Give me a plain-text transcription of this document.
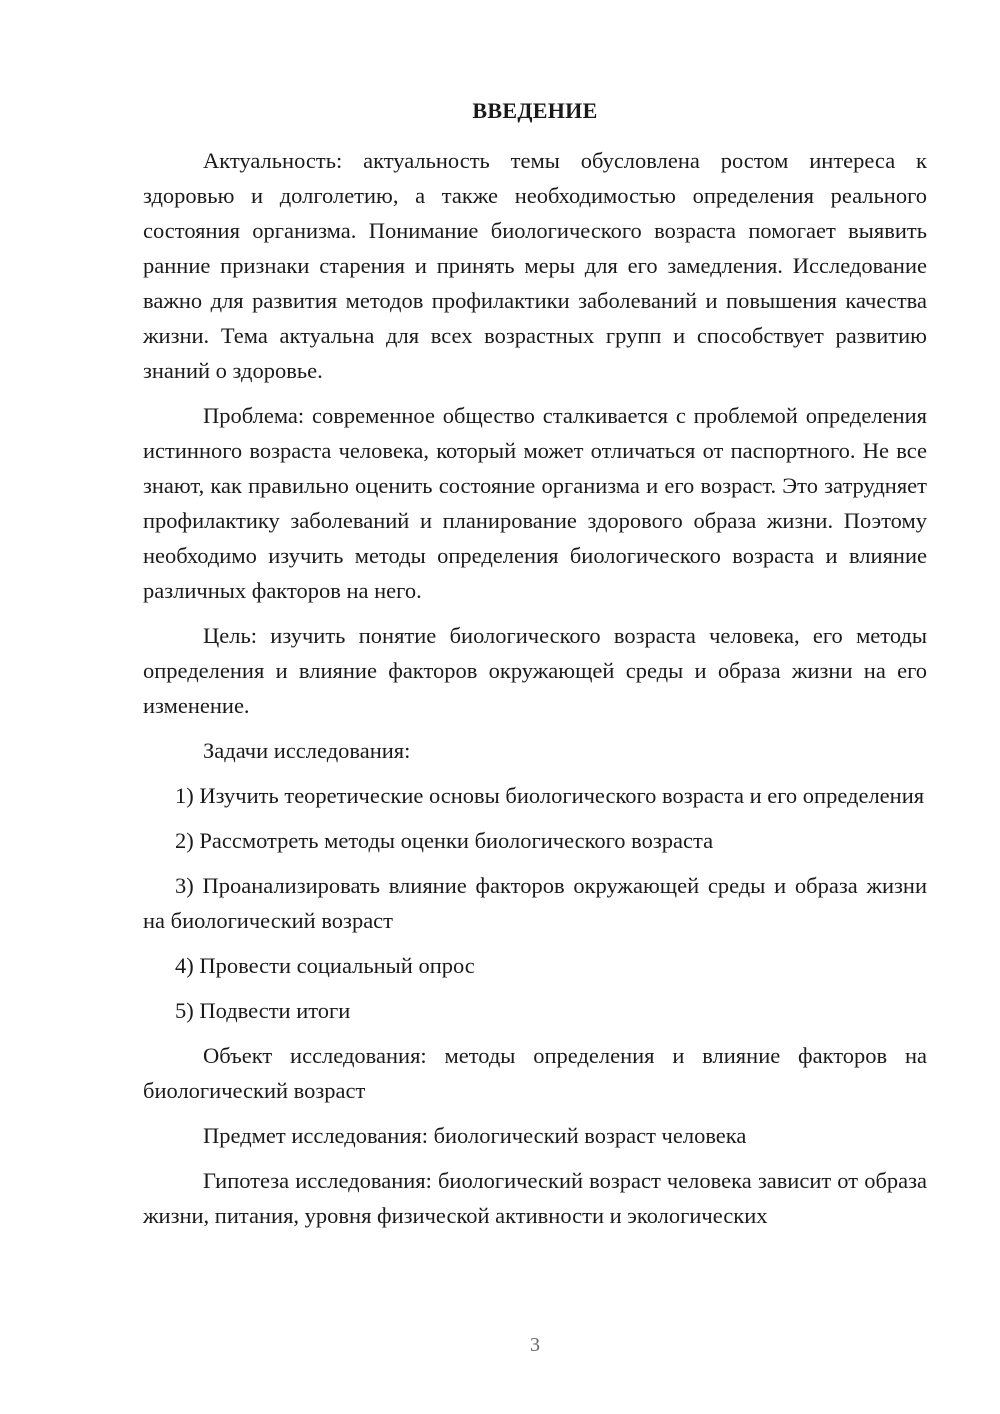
ВВЕДЕНИЕ

Актуальность: актуальность темы обусловлена ростом интереса к здоровью и долголетию, а также необходимостью определения реального состояния организма. Понимание биологического возраста помогает выявить ранние признаки старения и принять меры для его замедления. Исследование важно для развития методов профилактики заболеваний и повышения качества жизни. Тема актуальна для всех возрастных групп и способствует развитию знаний о здоровье.

Проблема: современное общество сталкивается с проблемой определения истинного возраста человека, который может отличаться от паспортного. Не все знают, как правильно оценить состояние организма и его возраст. Это затрудняет профилактику заболеваний и планирование здорового образа жизни. Поэтому необходимо изучить методы определения биологического возраста и влияние различных факторов на него.

Цель: изучить понятие биологического возраста человека, его методы определения и влияние факторов окружающей среды и образа жизни на его изменение.

Задачи исследования:

1) Изучить теоретические основы биологического возраста и его определения

2) Рассмотреть методы оценки биологического возраста

3) Проанализировать влияние факторов окружающей среды и образа жизни на биологический возраст

4) Провести социальный опрос

5) Подвести итоги

Объект исследования: методы определения и влияние факторов на биологический возраст

Предмет исследования: биологический возраст человека

Гипотеза исследования: биологический возраст человека зависит от образа жизни, питания, уровня физической активности и экологических

3
